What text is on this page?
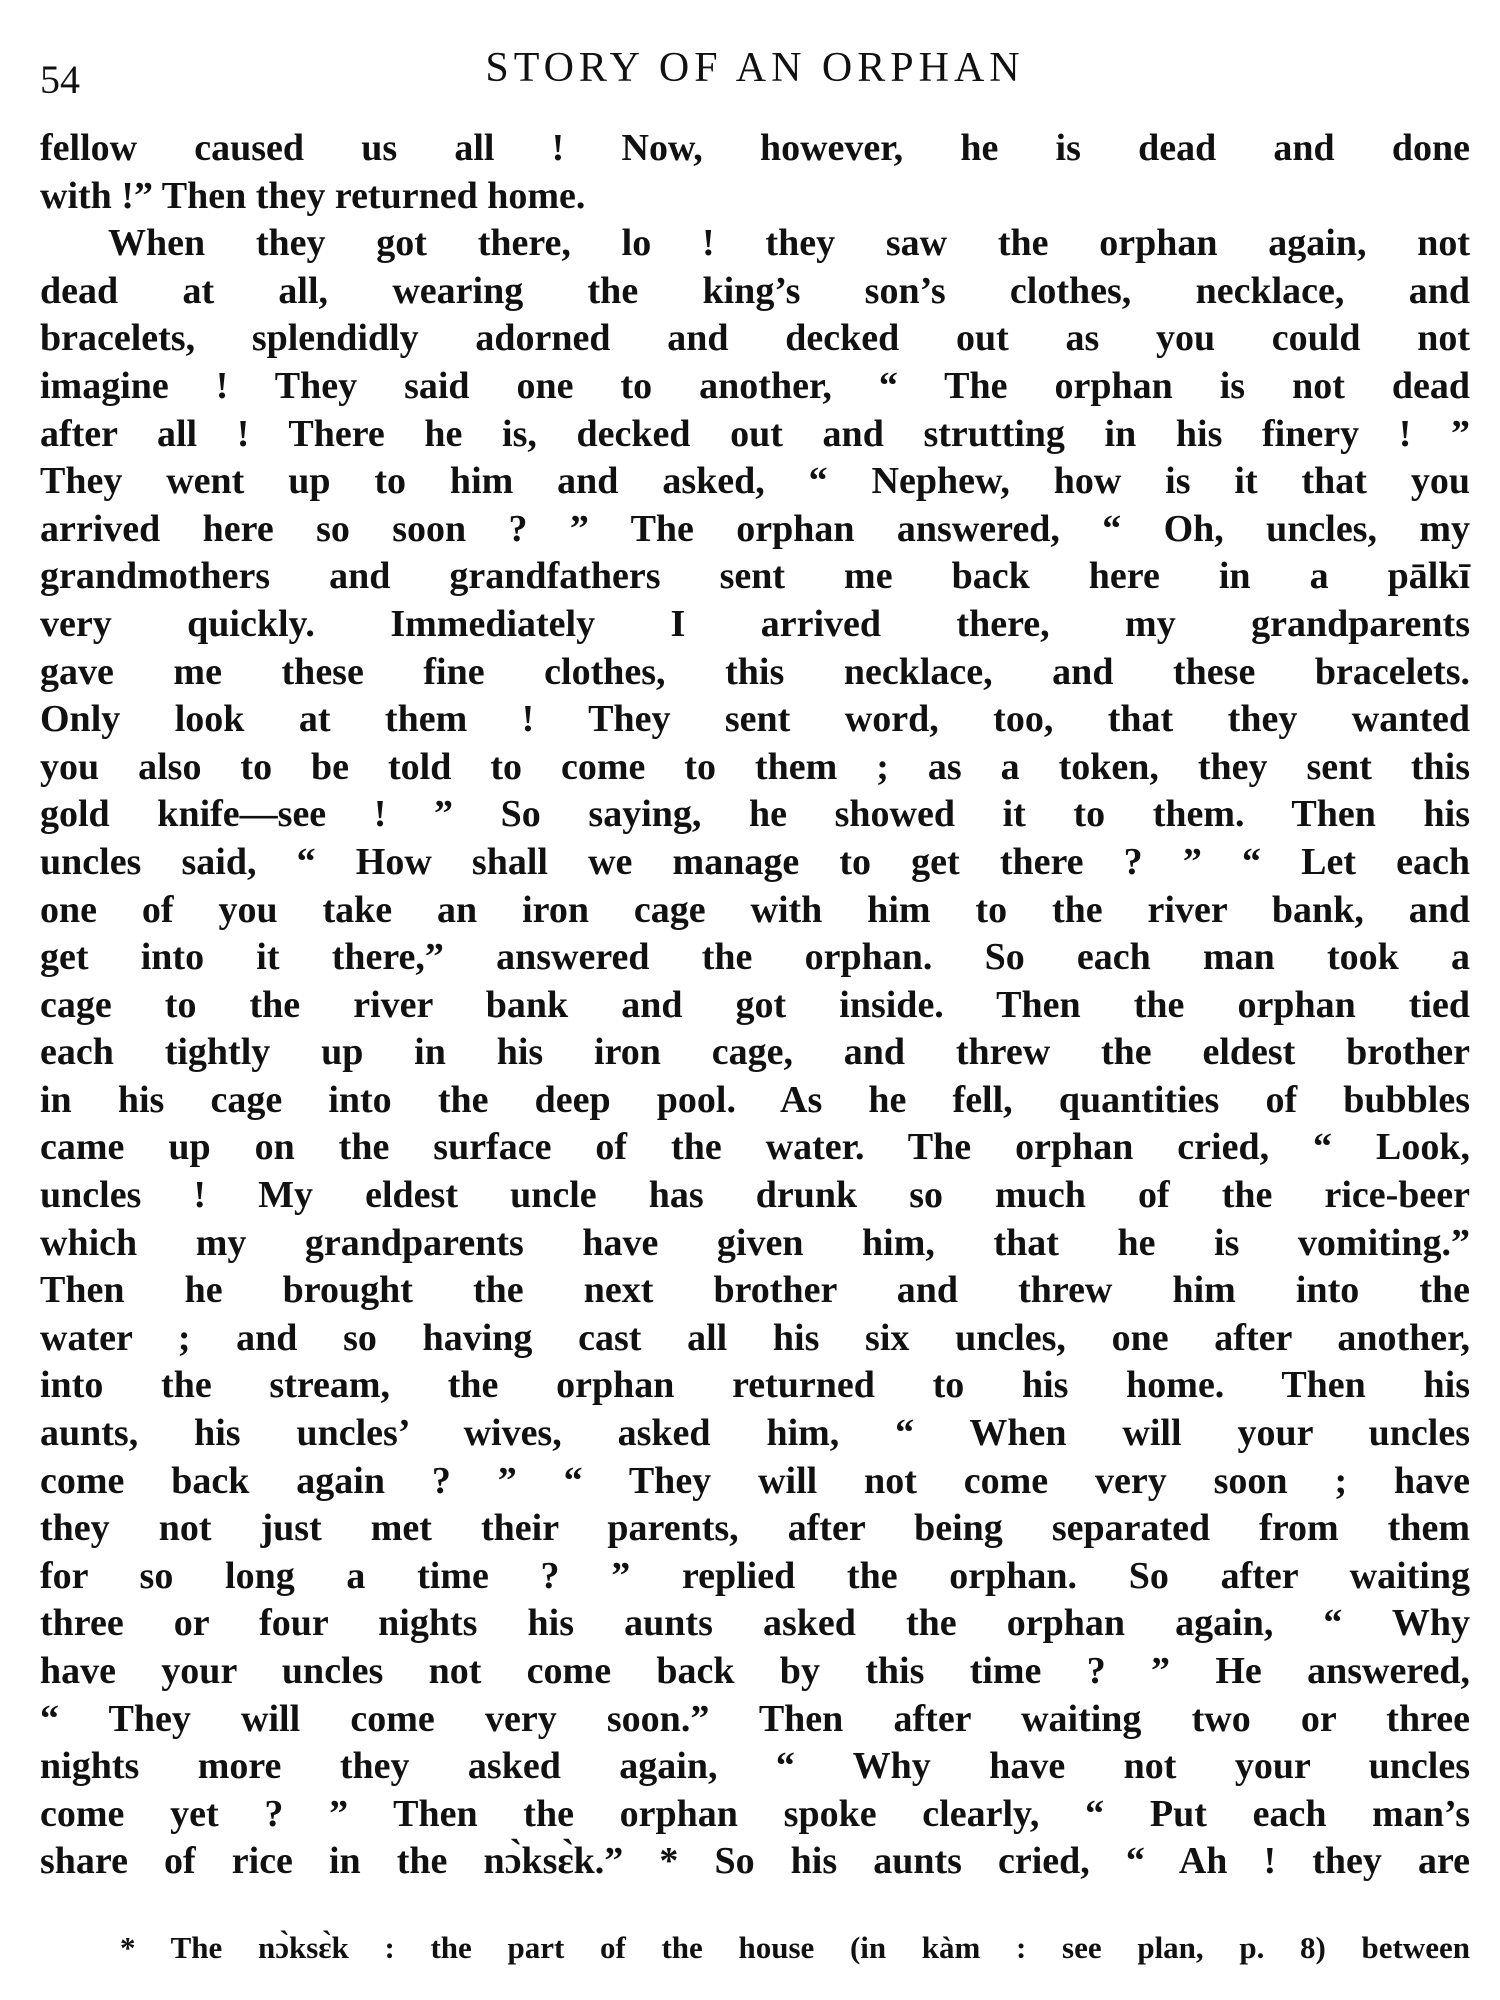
54	STORY OF AN ORPHAN
fellow caused us all ! Now, however, he is dead and done
with !” Then they returned home.
When they got there, lo ! they saw the orphan again, not
dead at all, wearing the king’s son’s clothes, necklace, and
bracelets, splendidly adorned and decked out as you could not
imagine ! They said one to another, “ The orphan is not dead
after all ! There he is, decked out and strutting in his finery ! ”
They went up to him and asked, “ Nephew, how is it that you
arrived here so soon ? ” The orphan answered, “ Oh, uncles, my
grandmothers and grandfathers sent me back here in a pālkī
very quickly. Immediately I arrived there, my grandparents
gave me these fine clothes, this necklace, and these bracelets.
Only look at them ! They sent word, too, that they wanted
you also to be told to come to them ; as a token, they sent this
gold knife—see ! ” So saying, he showed it to them. Then his
uncles said, “ How shall we manage to get there ? ” “ Let each
one of you take an iron cage with him to the river bank, and
get into it there,” answered the orphan. So each man took a
cage to the river bank and got inside. Then the orphan tied
each tightly up in his iron cage, and threw the eldest brother
in his cage into the deep pool. As he fell, quantities of bubbles
came up on the surface of the water. The orphan cried, “ Look,
uncles ! My eldest uncle has drunk so much of the rice-beer
which my grandparents have given him, that he is vomiting.”
Then he brought the next brother and threw him into the
water ; and so having cast all his six uncles, one after another,
into the stream, the orphan returned to his home. Then his
aunts, his uncles’ wives, asked him, “ When will your uncles
come back again ? ” “ They will not come very soon ; have
they not just met their parents, after being separated from them
for so long a time ? ” replied the orphan. So after waiting
three or four nights his aunts asked the orphan again, “ Why
have your uncles not come back by this time ? ” He answered,
“ They will come very soon.” Then after waiting two or three
nights more they asked again, “ Why have not your uncles
come yet ? ” Then the orphan spoke clearly, “ Put each man’s
share of rice in the nɔ̀ksɛ̀k.” * So his aunts cried, “ Ah ! they are
* The nɔ̀ksɛ̀k : the part of the house (in kàm : see plan, p. 8) between
